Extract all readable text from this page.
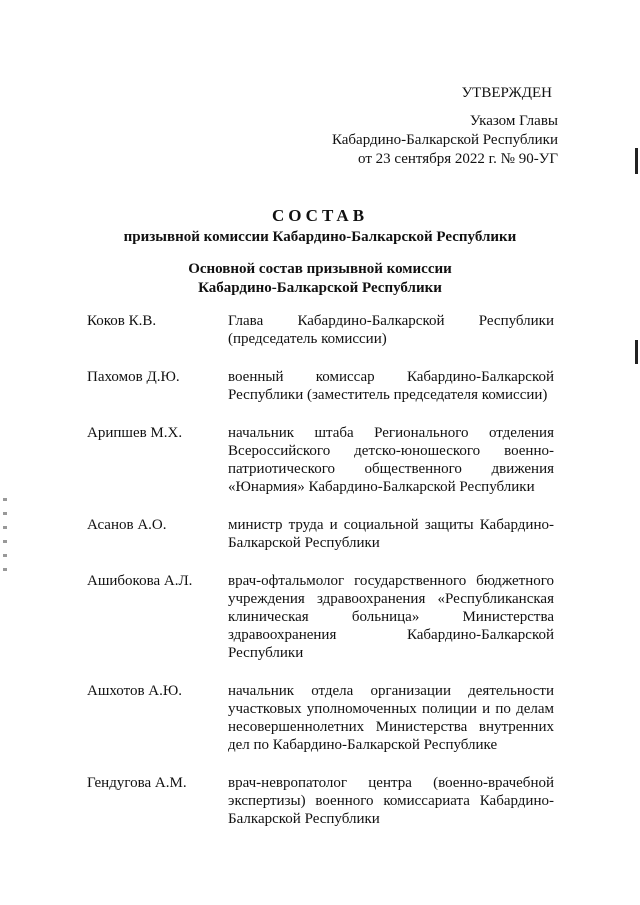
УТВЕРЖДЕН
Указом Главы
Кабардино-Балкарской Республики
от 23 сентября 2022 г. № 90-УГ
СОСТАВ
призывной комиссии Кабардино-Балкарской Республики
Основной состав призывной комиссии
Кабардино-Балкарской Республики
Коков К.В.	Глава Кабардино-Балкарской Республики (председатель комиссии)
Пахомов Д.Ю.	военный комиссар Кабардино-Балкарской Республики (заместитель председателя комиссии)
Арипшев М.Х.	начальник штаба Регионального отделения Всероссийского детско-юношеского военно-патриотического общественного движения «Юнармия» Кабардино-Балкарской Республики
Асанов А.О.	министр труда и социальной защиты Кабардино-Балкарской Республики
Ашибокова А.Л. врач-офтальмолог государственного бюджетного учреждения здравоохранения «Республиканская клиническая больница» Министерства здравоохранения Кабардино-Балкарской Республики
Ашхотов А.Ю.	начальник отдела организации деятельности участковых уполномоченных полиции и по делам несовершеннолетних Министерства внутренних дел по Кабардино-Балкарской Республике
Гендугова А.М.	врач-невропатолог центра (военно-врачебной экспертизы) военного комиссариата Кабардино-Балкарской Республики
